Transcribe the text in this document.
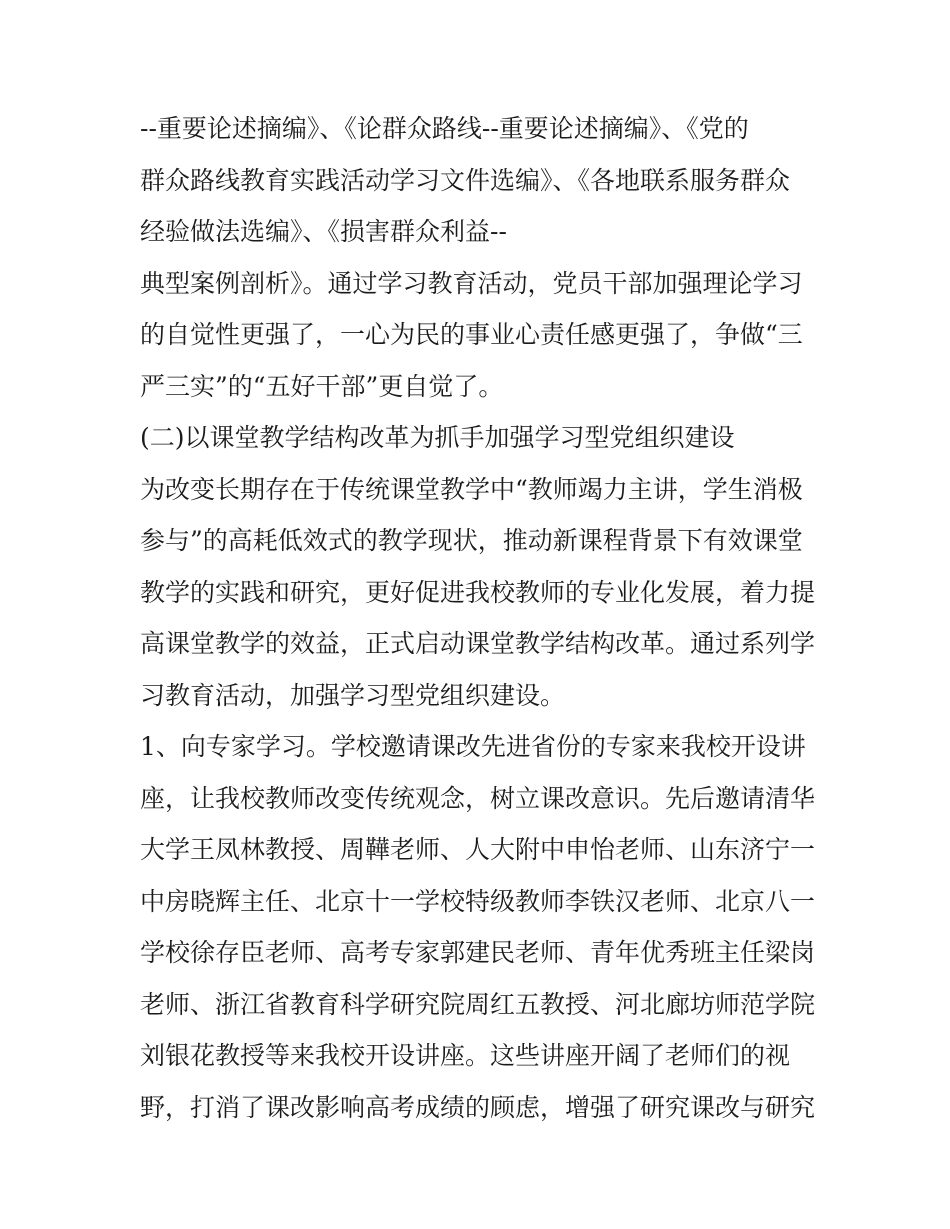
--重要论述摘编》、《论群众路线--重要论述摘编》、《党的
群众路线教育实践活动学习文件选编》、《各地联系服务群众
经验做法选编》、《损害群众利益--
典型案例剖析》。通过学习教育活动，党员干部加强理论学习
的自觉性更强了，一心为民的事业心责任感更强了，争做“三
严三实”的“五好干部”更自觉了。
(二)以课堂教学结构改革为抓手加强学习型党组织建设
为改变长期存在于传统课堂教学中“教师竭力主讲，学生消极
参与”的高耗低效式的教学现状，推动新课程背景下有效课堂
教学的实践和研究，更好促进我校教师的专业化发展，着力提
高课堂教学的效益，正式启动课堂教学结构改革。通过系列学
习教育活动，加强学习型党组织建设。
1、向专家学习。学校邀请课改先进省份的专家来我校开设讲
座，让我校教师改变传统观念，树立课改意识。先后邀请清华
大学王凤林教授、周鞾老师、人大附中申怡老师、山东济宁一
中房晓辉主任、北京十一学校特级教师李铁汉老师、北京八一
学校徐存臣老师、高考专家郭建民老师、青年优秀班主任梁岗
老师、浙江省教育科学研究院周红五教授、河北廊坊师范学院
刘银花教授等来我校开设讲座。这些讲座开阔了老师们的视
野，打消了课改影响高考成绩的顾虑，增强了研究课改与研究
